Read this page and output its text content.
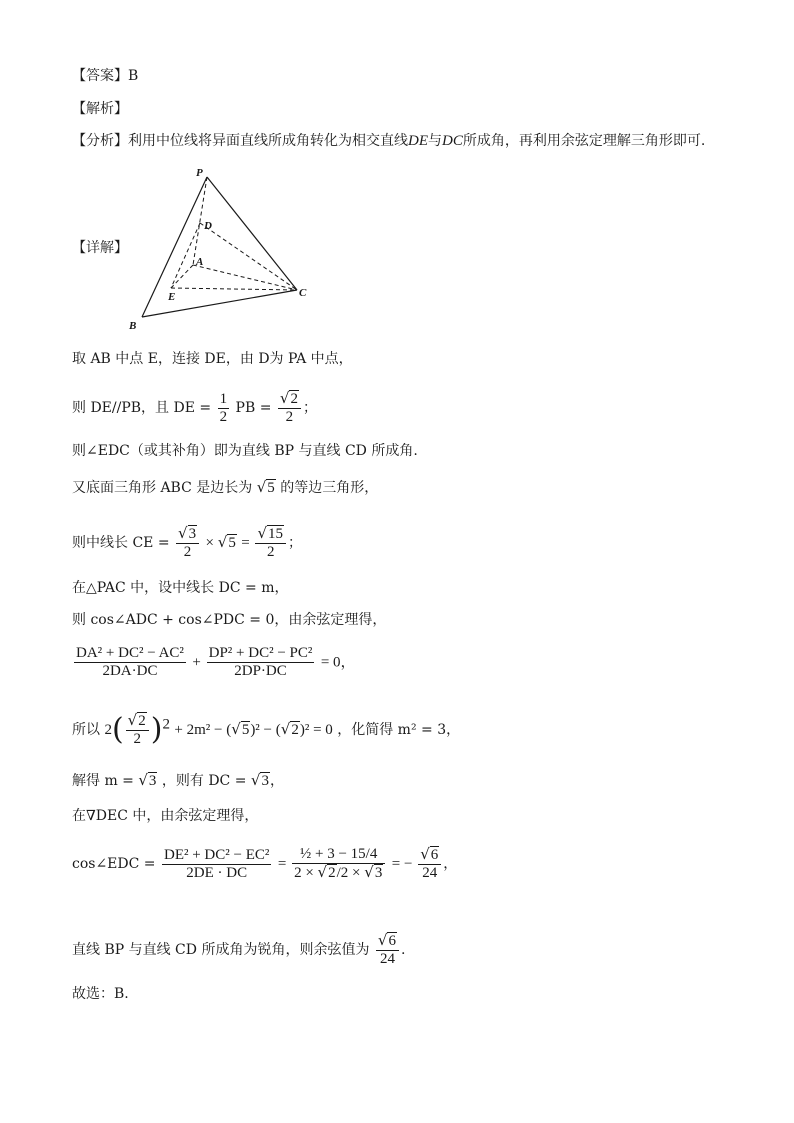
【答案】B
【解析】
【分析】利用中位线将异面直线所成角转化为相交直线DE与DC所成角，再利用余弦定理解三角形即可.
【详解】
P
D
A
E	C
B
取 AB 中点 E，连接 DE，由 D为 PA 中点，
则 DE//PB，且 DE = $\frac{1}{2}$ PB = $\frac{√2}{2}$ ；
则∠EDC（或其补角）即为直线 BP 与直线 CD 所成角.
又底面三角形 ABC 是边长为 √5 的等边三角形，
则中线长 CE = $\frac{√3}{2} \times √5 = \frac{√15}{2}$ ；
在△PAC 中，设中线长 DC = m，
则 cos∠ADC + cos∠PDC = 0，由余弦定理得，
$\frac{\text{DA² + DC² − AC²}}{2DA\cdot DC} + \frac{\text{DP² + DC² − PC²}}{2DP\cdot DC} = 0$，
所以 $2( \frac{√2}{2} )^2 + 2m^2 - (√5)^2 - (√2)^2 = 0$ ，化简得 m² = 3，
解得 m = √3 ，则有 DC = √3，
在∇DEC 中，由余弦定理得，
cos∠EDC = $\frac{\text{DE² + DC² − EC²}}{2DE \cdot DC} = \frac{\text{½ + 3 − 15/4}}{2 \times √2/2 \times √3}$ = − $\frac{√6}{24}$ ，
直线 BP 与直线 CD 所成角为锐角，则余弦值为 $\frac{√6}{24}$ .
故选：B.
